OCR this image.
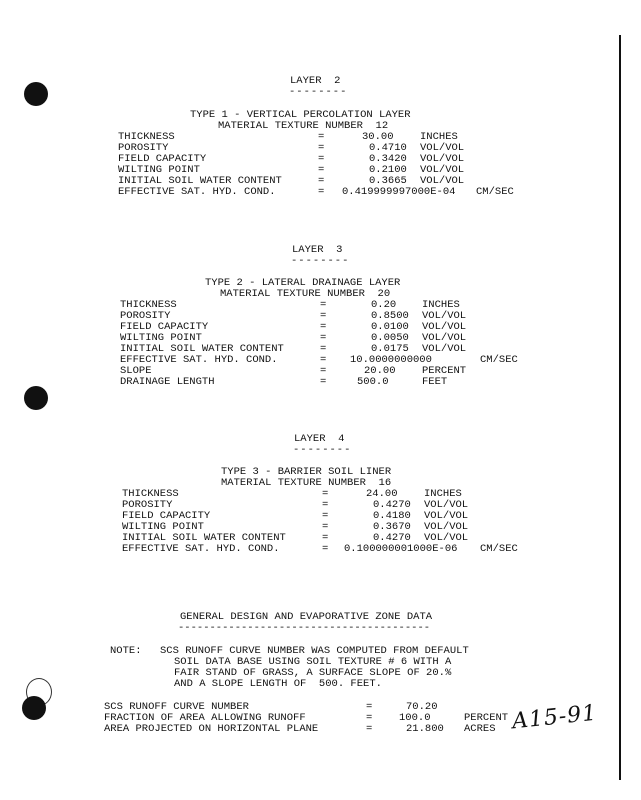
LAYER  2
--------
TYPE 1 - VERTICAL PERCOLATION LAYER
MATERIAL TEXTURE NUMBER  12
THICKNESS	=	30.00	INCHES
POROSITY	=	0.4710 VOL/VOL
FIELD CAPACITY	=	0.3420 VOL/VOL
WILTING POINT	=	0.2100 VOL/VOL
INITIAL SOIL WATER CONTENT	=	0.3665 VOL/VOL
EFFECTIVE SAT. HYD. COND.	= 0.419999997000E-04 CM/SEC
LAYER  3
--------
TYPE 2 - LATERAL DRAINAGE LAYER
MATERIAL TEXTURE NUMBER  20
THICKNESS	=	0.20 INCHES
POROSITY	=	0.8500 VOL/VOL
FIELD CAPACITY	=	0.0100 VOL/VOL
WILTING POINT	=	0.0050 VOL/VOL
INITIAL SOIL WATER CONTENT	=	0.0175 VOL/VOL
EFFECTIVE SAT. HYD. COND.	= 10.0000000000	CM/SEC
SLOPE	=	20.00	PERCENT
DRAINAGE LENGTH	=	500.0	FEET
LAYER  4
--------
TYPE 3 - BARRIER SOIL LINER
MATERIAL TEXTURE NUMBER  16
THICKNESS	=	24.00	INCHES
POROSITY	=	0.4270 VOL/VOL
FIELD CAPACITY	=	0.4180 VOL/VOL
WILTING POINT	=	0.3670 VOL/VOL
INITIAL SOIL WATER CONTENT	=	0.4270 VOL/VOL
EFFECTIVE SAT. HYD. COND.	= 0.100000001000E-06 CM/SEC
GENERAL DESIGN AND EVAPORATIVE ZONE DATA
----------------------------------------
NOTE: SCS RUNOFF CURVE NUMBER WAS COMPUTED FROM DEFAULT
SOIL DATA BASE USING SOIL TEXTURE # 6 WITH A
FAIR STAND OF GRASS, A SURFACE SLOPE OF 20.%
AND A SLOPE LENGTH OF  500. FEET.
SCS RUNOFF CURVE NUMBER	=	70.20
FRACTION OF AREA ALLOWING RUNOFF	=	100.0	PERCENT
AREA PROJECTED ON HORIZONTAL PLANE	=	21.800 ACRES A15-91
